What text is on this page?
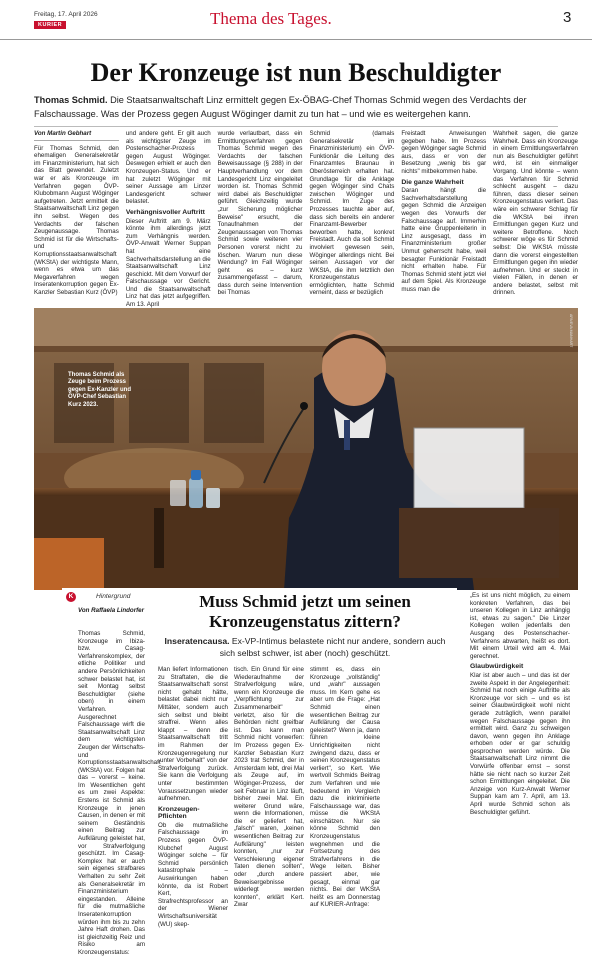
Freitag, 17. April 2026
KURIER	Thema des Tages.	3
Der Kronzeuge ist nun Beschuldigter

Thomas Schmid. Die Staatsanwaltschaft Linz ermittelt gegen Ex-ÖBAG-Chef Thomas Schmid wegen des Verdachts der Falschaussage. Was der Prozess gegen August Wöginger damit zu tun hat – und wie es weitergehen kann.

Von Martin Gebhart

Für Thomas Schmid, den ehemaligen Generalsekretär im Finanzministerium, hat sich das Blatt gewendet. Zuletzt war er als Kronzeuge im Verfahren gegen ÖVP-Klubobmann August Wöginger aufgetreten. Jetzt ermittelt die Staatsanwaltschaft Linz gegen ihn selbst. Wegen des Verdachts der falschen Zeugenaussage. Thomas Schmid ist für die Wirtschafts- und Korruptionsstaatsanwaltschaft (WKStA) der wichtigste Mann, wenn es etwa um das Megaverfahren wegen Inseratenkorruption gegen Ex-Kanzler Sebastian Kurz (ÖVP)

und andere geht. Er gilt auch als wichtigster Zeuge im Postenschacher-Prozess gegen August Wöginger. Deswegen erhielt er auch den Kronzeugen-Status. Und er hat zuletzt Wöginger mit seiner Aussage am Linzer Landesgericht schwer belastet.

Verhängnisvoller Auftritt

Dieser Auftritt am 9. März könnte ihm allerdings jetzt zum Verhängnis werden. ÖVP-Anwalt Werner Suppan hat eine Sachverhaltsdarstellung an die Staatsanwaltschaft Linz geschickt. Mit dem Vorwurf der Falschaussage vor Gericht. Und die Staatsanwaltschaft Linz hat das jetzt aufgegriffen. Am 13. April

wurde verlautbart, dass ein Ermittlungsverfahren gegen Thomas Schmid wegen des Verdachts der falschen Beweisaussage (§ 288) in der Hauptverhandlung vor dem Landesgericht Linz eingeleitet worden ist. Thomas Schmid wird dabei als Beschuldigter geführt. Gleichzeitig wurde „zur Sicherung möglicher Beweise" ersucht, die Tonaufnahmen der Zeugenaussagen von Thomas Schmid sowie weiteren vier Personen vorerst nicht zu löschen. Warum nun diese Wendung? Im Fall Wöginger geht es – kurz zusammengefasst – darum, dass durch seine Intervention bei Thomas

Schmid (damals Generalsekretär im Finanzministerium) ein ÖVP-Funktionär die Leitung des Finanzamtes Braunau in Oberösterreich erhalten hat. Grundlage für die Anklage gegen Wöginger sind Chats zwischen Wöginger und Schmid. Im Zuge des Prozesses tauchte aber auf, dass sich bereits ein anderer Finanzamt-Bewerber beworben hatte, konkret Freistadt. Auch da soll Schmid involviert gewesen sein, Wöginger allerdings nicht. Bei seinen Aussagen vor der WKStA, die ihm letztlich den Kronzeugenstatus ermöglichten, hatte Schmid verneint, dass er bezüglich

Freistadt Anweisungen gegeben habe. Im Prozess gegen Wöginger sagte Schmid aus, dass er von der Besetzung „wenig bis gar nichts" mitbekommen habe.

Die ganze Wahrheit

Daran hängt die Sachverhaltsdarstellung gegen Schmid die Anzeigen wegen des Vorwurfs der Falschaussage auf. Immerhin hatte eine Gruppenleiterin in Linz ausgesagt, dass im Finanzministerium großer Unmut geherrscht habe, weil besagter Funktionär Freistadt nicht erhalten habe. Für Thomas Schmid steht jetzt viel auf dem Spiel. Als Kronzeuge muss man die

Wahrheit sagen, die ganze Wahrheit. Dass ein Kronzeuge in einem Ermittlungsverfahren nun als Beschuldigter geführt wird, ist ein einmaliger Vorgang. Und könnte – wenn das Verfahren für Schmid schlecht ausgeht – dazu führen, dass dieser seinen Kronzeugenstatus verliert. Das wäre ein schwerer Schlag für die WKStA bei ihren Ermittlungen gegen Kurz und weitere Betroffene. Noch schwerer wöge es für Schmid selbst: Die WKStA müsste dann die vorerst eingestellten Ermittlungen gegen ihn wieder aufnehmen. Und er steckt in vielen Fällen, in denen er andere belastet, selbst mit drinnen.

Thomas Schmid als Zeuge beim Prozess gegen Ex-Kanzler und ÖVP-Chef Sebastian Kurz 2023.
APA/EVA MANHART
K	Hintergrund
Von Raffaela Lindorfer	Muss Schmid jetzt um seinen Kronzeugenstatus zittern?

Inseratencausa. Ex-VP-Intimus belastete nicht nur andere, sondern auch sich selbst schwer, ist aber (noch) geschützt.

Thomas Schmid, Kronzeuge im Ibiza- bzw. Casag-Verfahrenskomplex, der etliche Politiker und andere Persönlichkeiten schwer belastet hat, ist seit Montag selbst Beschuldigter (siehe oben) in einem Verfahren. Ausgerechnet Falschaussage wirft die Staatsanwaltschaft Linz dem wichtigsten Zeugen der Wirtschafts- und Korruptionsstaatsanwaltschaft (WKStA) vor. Folgen hat das – vorerst – keine. Im Wesentlichen geht es um zwei Aspekte: Erstens ist Schmid als Kronzeuge in jenen Causen, in denen er mit seinem Geständnis einen Beitrag zur Aufklärung geleistet hat, vor Strafverfolgung geschützt. Im Casag-Komplex hat er auch sein eigenes strafbares Verhalten zu sehr Zeit als Generalsekretär im Finanzministerium eingestanden. Alleine für die mutmaßliche Inseratenkorruption würden ihm bis zu zehn Jahre Haft drohen. Das ist gleichzeitig Reiz und Risiko am Kronzeugenstatus:

Man liefert Informationen zu Straftaten, die die Staatsanwaltschaft sonst nicht gehabt hätte, belastet dabei nicht nur Mittäter, sondern auch sich selbst und bleibt straffrei. Wenn alles klappt – denn die Staatsanwaltschaft tritt im Rahmen der Kronzeugenregelung nur „unter Vorbehalt" von der Strafverfolgung zurück. Sie kann die Verfolgung unter bestimmten Voraussetzungen wieder aufnehmen.

Kronzeugen-Pflichten

Ob die mutmaßliche Falschaussage im Prozess gegen ÖVP-Klubchef August Wöginger solche – für Schmid persönlich katastrophale – Auswirkungen haben könnte, da ist Robert Kert, Strafrechtsprofessor an der Wiener Wirtschaftsuniversität (WU) skep-

tisch. Ein Grund für eine Wiederaufnahme der Strafverfolgung wäre, wenn ein Kronzeuge die „Verpflichtung zur Zusammenarbeit" verletzt, also für die Behörden nicht greifbar ist. Das kann man Schmid nicht vorwerfen: Im Prozess gegen Ex-Kanzler Sebastian Kurz 2023 trat Schmid, der in Amsterdam lebt, drei Mal als Zeuge auf, im Wöginger-Prozess, der seit Februar in Linz läuft, bisher zwei Mal. Ein weiterer Grund wäre, wenn die Informationen, die er geliefert hat, „falsch" waren, „keinen wesentlichen Beitrag zur Aufklärung" leisten konnten, „nur zur Verschleierung eigener Taten dienen sollten", oder „durch andere Beweisergebnisse widerlegt werden konnten", erklärt Kert. Zwar

stimmt es, dass ein Kronzeuge „vollständig" und „wahr" aussagen muss. Im Kern gehe es aber um die Frage: „Hat Schmid einen wesentlichen Beitrag zur Aufklärung der Causa geleistet? Wenn ja, dann führen kleine Unrichtigkeiten nicht zwingend dazu, dass er seinen Kronzeugenstatus verliert", so Kert. Wie wertvoll Schmids Beitrag zum Verfahren und wie bedeutend im Vergleich dazu die inkriminierte Falschaussage war, das müsse die WKStA einschätzen. Nur sie könne Schmid den Kronzeugenstatus wegnehmen und die Fortsetzung des Strafverfahrens in die Wege leiten. Bisher passiert aber, wie gesagt, einmal gar nichts. Bei der WKStA heißt es am Donnerstag auf KURIER-Anfrage:

„Es ist uns nicht möglich, zu einem konkreten Verfahren, das bei unseren Kollegen in Linz anhängig ist, etwas zu sagen." Die Linzer Kollegen wollen jedenfalls den Ausgang des Postenschacher-Verfahrens abwarten, heißt es dort. Mit einem Urteil wird am 4. Mai gerechnet.

Glaubwürdigkeit

Klar ist aber auch – und das ist der zweite Aspekt in der Angelegenheit: Schmid hat noch einige Auftritte als Kronzeuge vor sich – und es ist seiner Glaubwürdigkeit wohl nicht gerade zuträglich, wenn parallel wegen Falschaussage gegen ihn ermittelt wird. Ganz zu schweigen davon, wenn gegen ihn Anklage erhoben oder er gar schuldig gesprochen werden würde. Die Staatsanwaltschaft Linz nimmt die Vorwürfe offenbar ernst – sonst hätte sie nicht nach so kurzer Zeit schon Ermittlungen eingeleitet. Die Anzeige von Kurz-Anwalt Werner Suppan kam am 7. April, am 13. April wurde Schmid schon als Beschuldigter geführt.
